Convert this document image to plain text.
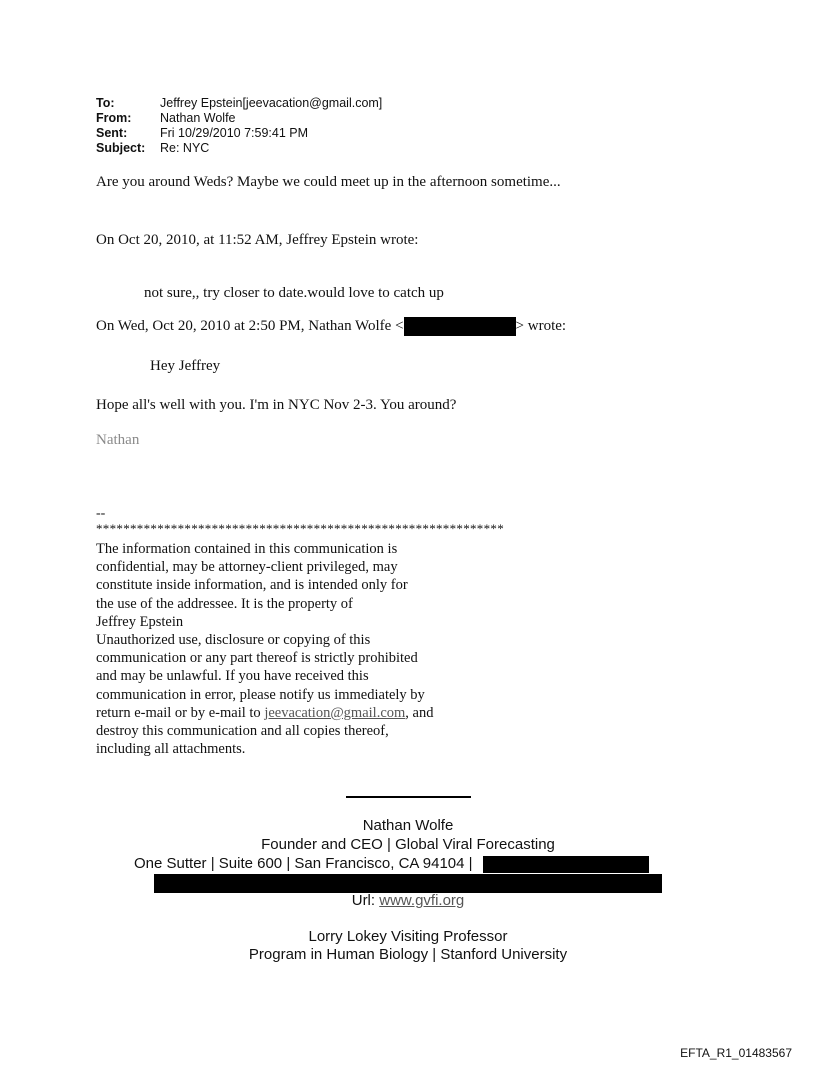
To:	Jeffrey Epstein[jeevacation@gmail.com]
From:	Nathan Wolfe
Sent:	Fri 10/29/2010 7:59:41 PM
Subject:	Re: NYC
Are you around Weds? Maybe we could meet up in the afternoon sometime...
On Oct 20, 2010, at 11:52 AM, Jeffrey Epstein wrote:
not sure,, try closer to date.would love to catch up
On Wed, Oct 20, 2010 at 2:50 PM, Nathan Wolfe <	> wrote:
Hey Jeffrey
Hope all's well with you. I'm in NYC Nov 2-3. You around?
Nathan
--
************************************************************
The information contained in this communication is
confidential, may be attorney-client privileged, may
constitute inside information, and is intended only for
the use of the addressee. It is the property of
Jeffrey Epstein
Unauthorized use, disclosure or copying of this
communication or any part thereof is strictly prohibited
and may be unlawful. If you have received this
communication in error, please notify us immediately by
return e-mail or by e-mail to jeevacation@gmail.com, and
destroy this communication and all copies thereof,
including all attachments.
Nathan Wolfe
Founder and CEO | Global Viral Forecasting
One Sutter | Suite 600 | San Francisco, CA 94104 |
Url: www.gvfi.org
Lorry Lokey Visiting Professor
Program in Human Biology | Stanford University
EFTA_R1_01483567
